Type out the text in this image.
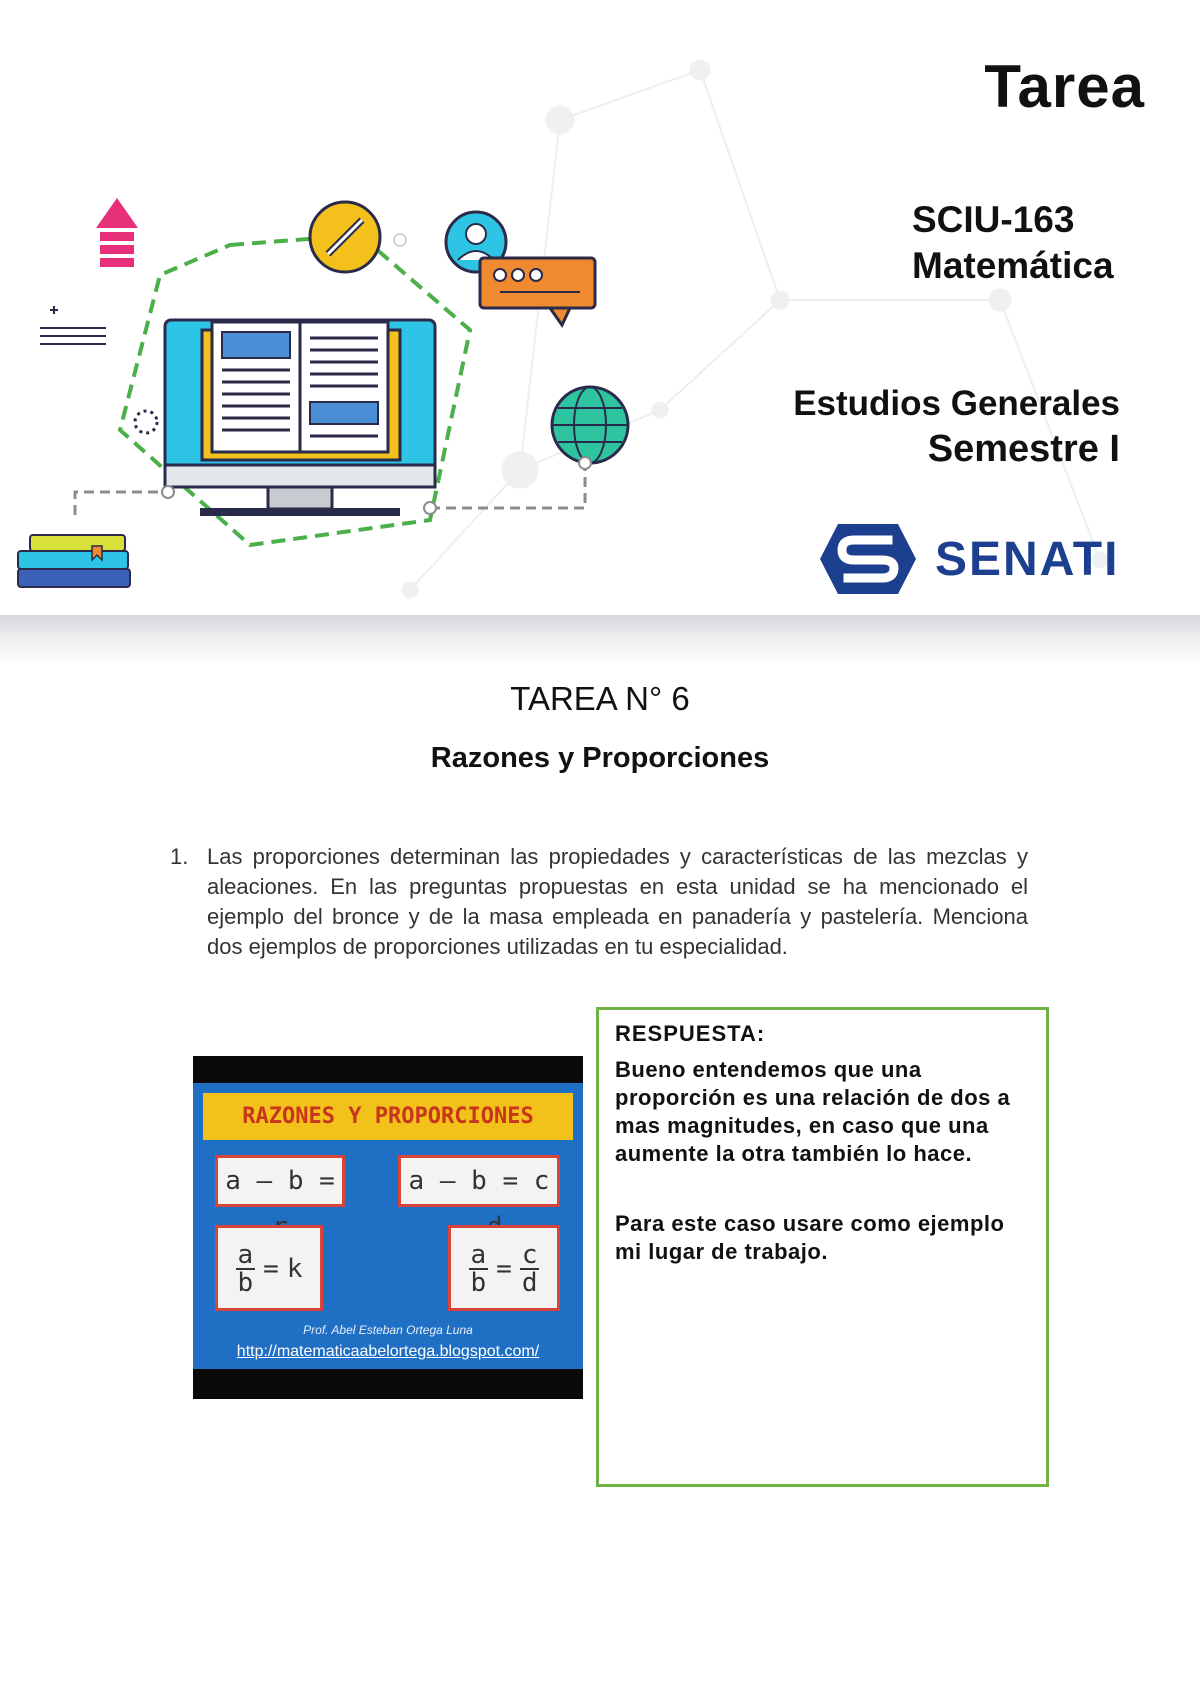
Tarea
SCIU-163
Matemática
Estudios Generales
Semestre I
SENATI
TAREA N° 6
Razones y Proporciones
1. Las proporciones determinan las propiedades y características de las mezclas y aleaciones. En las preguntas propuestas en esta unidad se ha mencionado el ejemplo del bronce y de la masa empleada en panadería y pastelería. Menciona dos ejemplos de proporciones utilizadas en tu especialidad.
RAZONES Y PROPORCIONES
a – b =	a – b = c
$\frac{a}{b} = k$	$\frac{a}{b} = \frac{c}{d}$
Prof. Abel Esteban Ortega Luna
http://matematicaabelortega.blogspot.com/
RESPUESTA:

Bueno entendemos que una proporción es una relación de dos a mas magnitudes, en caso que una aumente la otra también lo hace.

Para este caso usare como ejemplo mi lugar de trabajo.
